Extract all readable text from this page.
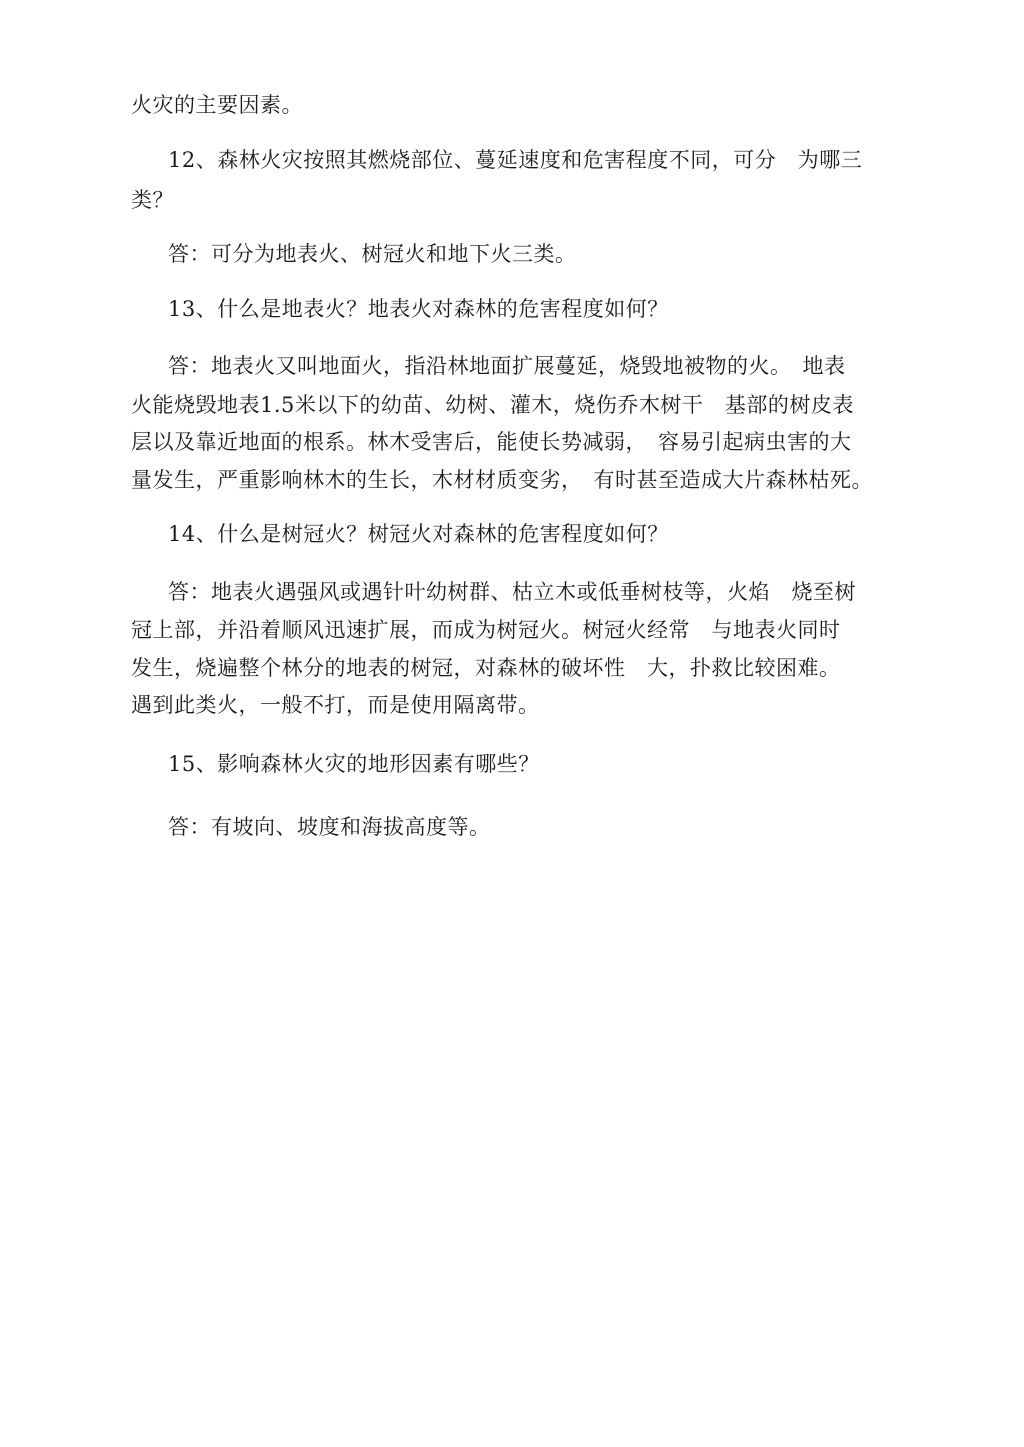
火灾的主要因素。
12、森林火灾按照其燃烧部位、蔓延速度和危害程度不同，可分　为哪三
类？
答：可分为地表火、树冠火和地下火三类。
13、什么是地表火？地表火对森林的危害程度如何？
答：地表火又叫地面火，指沿林地面扩展蔓延，烧毁地被物的火。　地表
火能烧毁地表1.5米以下的幼苗、幼树、灌木，烧伤乔木树干　基部的树皮表
层以及靠近地面的根系。林木受害后，能使长势减弱，　容易引起病虫害的大
量发生，严重影响林木的生长，木材材质变劣，　有时甚至造成大片森林枯死。
14、什么是树冠火？树冠火对森林的危害程度如何？
答：地表火遇强风或遇针叶幼树群、枯立木或低垂树枝等，火焰　烧至树
冠上部，并沿着顺风迅速扩展，而成为树冠火。树冠火经常　与地表火同时
发生，烧遍整个林分的地表的树冠，对森林的破坏性　大，扑救比较困难。
遇到此类火，一般不打，而是使用隔离带。
15、影响森林火灾的地形因素有哪些？
答：有坡向、坡度和海拔高度等。
